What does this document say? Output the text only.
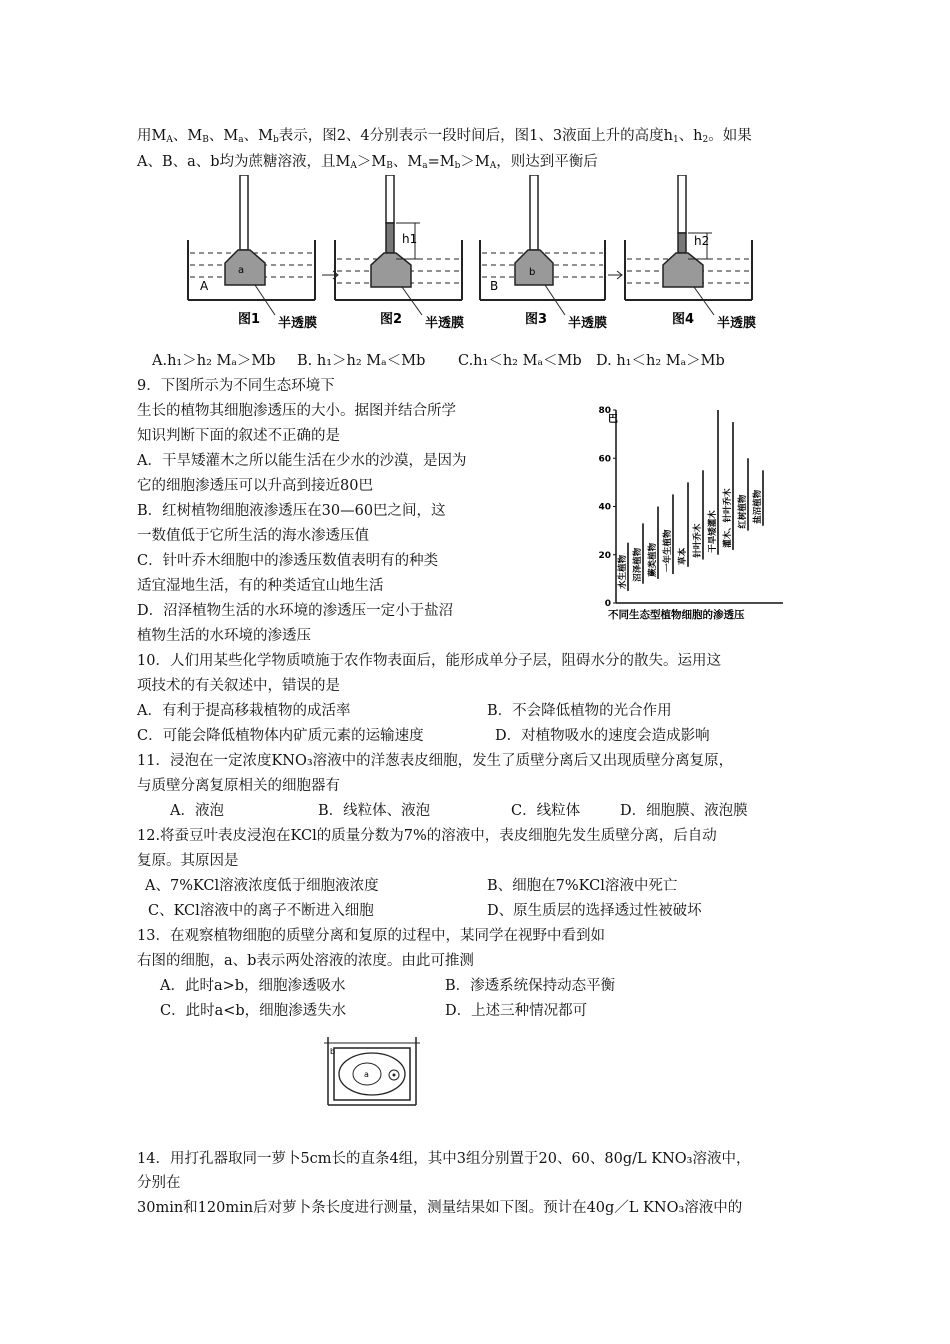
用$M_A$、$M_B$、$M_a$、$M_b$表示，图2、4分别表示一段时间后，图1、3液面上升的高度$h_1$、$h_2$。如果
A、B、a、b均为蔗糖溶液，且$M_A>M_B$、$M_a=M_b>M_A$，则达到平衡后
a
A
图1 半透膜
h1
图2 半透膜
b
B
图3 半透膜
h2
图4 半透膜
A.h₁＞h₂ Mₐ＞Mb B. h₁＞h₂ Mₐ＜Mb C.h₁＜h₂ Mₐ＜Mb D. h₁＜h₂ Mₐ＞Mb
9．下图所示为不同生态环境下
生长的植物其细胞渗透压的大小。据图并结合所学
知识判断下面的叙述不正确的是
A．干旱矮灌木之所以能生活在少水的沙漠，是因为
它的细胞渗透压可以升高到接近80巴
B．红树植物细胞液渗透压在30—60巴之间，这
一数值低于它所生活的海水渗透压值
C．针叶乔木细胞中的渗透压数值表明有的种类
适宜湿地生活，有的种类适宜山地生活
D．沼泽植物生活的水环境的渗透压一定小于盐沼
植物生活的水环境的渗透压
0
20
40
60
80
水生植物 沼泽植物 蕨类植物 一年生植物 草本 针叶乔木 干旱矮灌木 灌木、针叶乔木 红树植物 盐沼植物
巴
不同生态型植物细胞的渗透压
10．人们用某些化学物质喷施于农作物表面后，能形成单分子层，阻碍水分的散失。运用这
项技术的有关叙述中，错误的是
A．有利于提高移栽植物的成活率	B．不会降低植物的光合作用
C．可能会降低植物体内矿质元素的运输速度	D．对植物吸水的速度会造成影响
11．浸泡在一定浓度KNO₃溶液中的洋葱表皮细胞，发生了质壁分离后又出现质壁分离复原，
与质壁分离复原相关的细胞器有
A．液泡	B．线粒体、液泡	C．线粒体	D．细胞膜、液泡膜
12.将蚕豆叶表皮浸泡在KCl的质量分数为7%的溶液中，表皮细胞先发生质壁分离，后自动
复原。其原因是
A、7%KCl溶液浓度低于细胞液浓度	B、细胞在7%KCl溶液中死亡
C、KCl溶液中的离子不断进入细胞	D、原生质层的选择透过性被破坏
13．在观察植物细胞的质壁分离和复原的过程中，某同学在视野中看到如
右图的细胞，a、b表示两处溶液的浓度。由此可推测
A．此时a>b，细胞渗透吸水	B．渗透系统保持动态平衡
C．此时a<b，细胞渗透失水	D．上述三种情况都可
a
b
14．用打孔器取同一萝卜5cm长的直条4组，其中3组分别置于20、60、80g/L KNO₃溶液中，
分别在
30min和120min后对萝卜条长度进行测量，测量结果如下图。预计在40g／L KNO₃溶液中的
